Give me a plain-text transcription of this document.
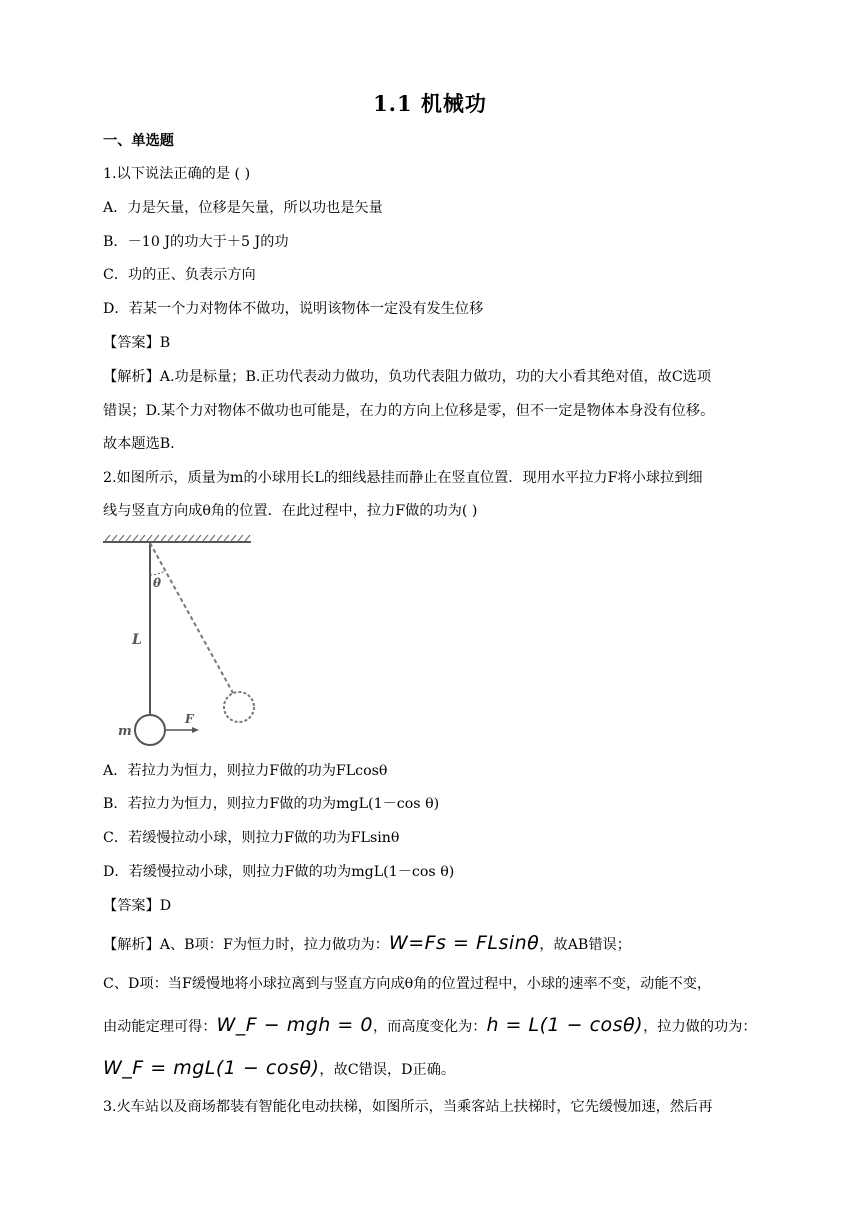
1.1 机械功
一、单选题
1.以下说法正确的是 ( )
A．力是矢量，位移是矢量，所以功也是矢量
B．－10 J的功大于＋5 J的功
C．功的正、负表示方向
D．若某一个力对物体不做功，说明该物体一定没有发生位移
【答案】B
【解析】A.功是标量；B.正功代表动力做功，负功代表阻力做功，功的大小看其绝对值，故C选项
错误；D.某个力对物体不做功也可能是，在力的方向上位移是零，但不一定是物体本身没有位移。
故本题选B.
2.如图所示，质量为m的小球用长L的细线悬挂而静止在竖直位置．现用水平拉力F将小球拉到细
线与竖直方向成θ角的位置．在此过程中，拉力F做的功为( )
θ
L
m
F
A．若拉力为恒力，则拉力F做的功为FLcosθ
B．若拉力为恒力，则拉力F做的功为mgL(1－cos θ)
C．若缓慢拉动小球，则拉力F做的功为FLsinθ
D．若缓慢拉动小球，则拉力F做的功为mgL(1－cos θ)
【答案】D
【解析】A、B项：F为恒力时，拉力做功为：W=Fs = FLsinθ，故AB错误；
C、D项：当F缓慢地将小球拉离到与竖直方向成θ角的位置过程中，小球的速率不变，动能不变，
由动能定理可得：W_F − mgh = 0，而高度变化为：h = L(1 − cosθ)，拉力做的功为：
W_F = mgL(1 − cosθ)，故C错误，D正确。
3.火车站以及商场都装有智能化电动扶梯，如图所示，当乘客站上扶梯时，它先缓慢加速，然后再
